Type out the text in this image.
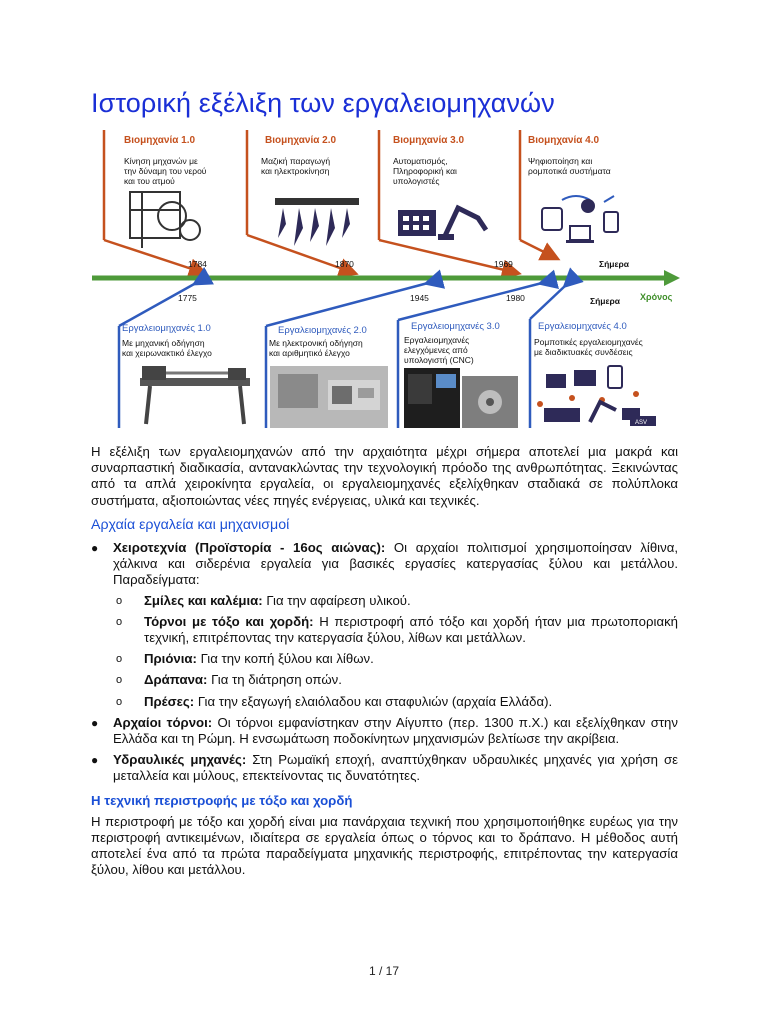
Ιστορική εξέλιξη των εργαλειομηχανών
Βιομηχανία 1.0
Κίνηση μηχανών με
την δύναμη του νερού
και του ατμού
1784
Βιομηχανία 2.0
Μαζική παραγωγή
και ηλεκτροκίνηση
1870
Βιομηχανία 3.0
Αυτοματισμός,
Πληροφορική και
υπολογιστές
1969
Βιομηχανία 4.0
Ψηφιοποίηση και
ρομποτικά συστήματα
Σήμερα
Χρόνος
1775
Εργαλειομηχανές 1.0
Με μηχανική οδήγηση
και χειρωνακτικό έλεγχο
1945
Εργαλειομηχανές 2.0
Με ηλεκτρονική οδήγηση
και αριθμητικό έλεγχο
1980
Εργαλειομηχανές 3.0
Εργαλειομηχανές
ελεγχόμενες από
υπολογιστή (CNC)
Σήμερα
Εργαλειομηχανές 4.0
Ρομποτικές εργαλειομηχανές
με διαδικτυακές συνδέσεις
ASV

Η εξέλιξη των εργαλειομηχανών από την αρχαιότητα μέχρι σήμερα αποτελεί μια μακρά και συναρπαστική διαδικασία, αντανακλώντας την τεχνολογική πρόοδο της ανθρωπότητας. Ξεκινώντας από τα απλά χειροκίνητα εργαλεία, οι εργαλειομηχανές εξελίχθηκαν σταδιακά σε πολύπλοκα συστήματα, αξιοποιώντας νέες πηγές ενέργειας, υλικά και τεχνικές.

Αρχαία εργαλεία και μηχανισμοί
● Χειροτεχνία (Προϊστορία - 16ος αιώνας): Οι αρχαίοι πολιτισμοί χρησιμοποίησαν λίθινα, χάλκινα και σιδερένια εργαλεία για βασικές εργασίες κατεργασίας ξύλου και μετάλλου. Παραδείγματα:
o Σμίλες και καλέμια: Για την αφαίρεση υλικού.
o Τόρνοι με τόξο και χορδή: Η περιστροφή από τόξο και χορδή ήταν μια πρωτοποριακή τεχνική, επιτρέποντας την κατεργασία ξύλου, λίθων και μετάλλων.
o Πριόνια: Για την κοπή ξύλου και λίθων.
o Δράπανα: Για τη διάτρηση οπών.
o Πρέσες: Για την εξαγωγή ελαιόλαδου και σταφυλιών (αρχαία Ελλάδα).
● Αρχαίοι τόρνοι: Οι τόρνοι εμφανίστηκαν στην Αίγυπτο (περ. 1300 π.Χ.) και εξελίχθηκαν στην Ελλάδα και τη Ρώμη. Η ενσωμάτωση ποδοκίνητων μηχανισμών βελτίωσε την ακρίβεια.
● Υδραυλικές μηχανές: Στη Ρωμαϊκή εποχή, αναπτύχθηκαν υδραυλικές μηχανές για χρήση σε μεταλλεία και μύλους, επεκτείνοντας τις δυνατότητες.
Η τεχνική περιστροφής με τόξο και χορδή

Η περιστροφή με τόξο και χορδή είναι μια πανάρχαια τεχνική που χρησιμοποιήθηκε ευρέως για την περιστροφή αντικειμένων, ιδιαίτερα σε εργαλεία όπως ο τόρνος και το δράπανο. Η μέθοδος αυτή αποτελεί ένα από τα πρώτα παραδείγματα μηχανικής περιστροφής, επιτρέποντας την κατεργασία ξύλου, λίθου και μετάλλου.

1 / 17
